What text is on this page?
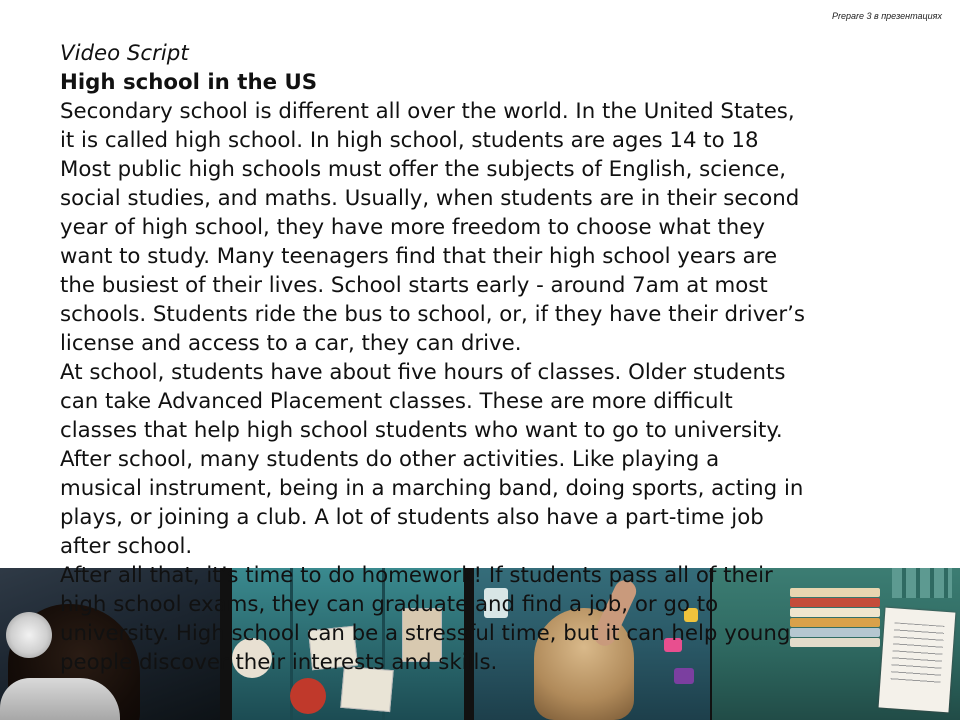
Prepare 3 в презентациях
Video Script
High school in the US
Secondary school is different all over the world. In the United States,
it is called high school. In high school, students are ages 14 to 18
Most public high schools must offer the subjects of English, science,
social studies, and maths. Usually, when students are in their second
year of high school, they have more freedom to choose what they
want to study. Many teenagers find that their high school years are
the busiest of their lives. School starts early - around 7am at most
schools. Students ride the bus to school, or, if they have their driver’s
license and access to a car, they can drive.
At school, students have about five hours of classes. Older students
can take Advanced Placement classes. These are more difficult
classes that help high school students who want to go to university.
After school, many students do other activities. Like playing a
musical instrument, being in a marching band, doing sports, acting in
plays, or joining a club. A lot of students also have a part-time job
after school.
After all that, it’s time to do homework! If students pass all of their
high school exams, they can graduate and find a job, or go to
university. High school can be a stressful time, but it can help young
people discover their interests and skills.
